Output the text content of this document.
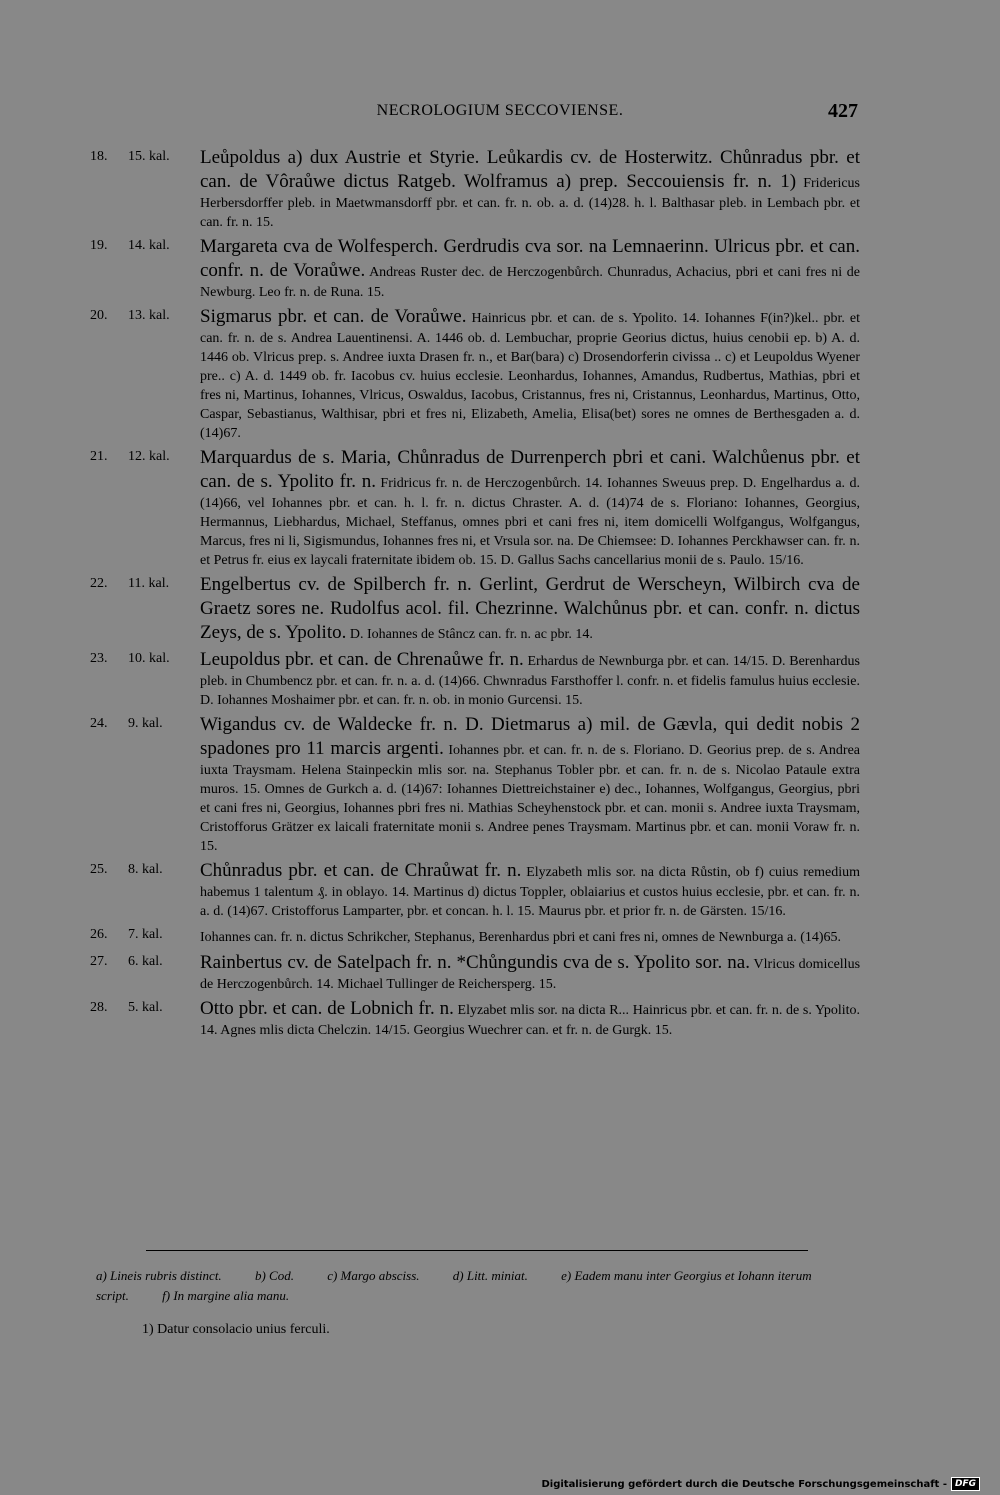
NECROLOGIUM SECCOVIENSE.	427
18.	15. kal.	Leůpoldus a) dux Austrie et Styrie. Leůkardis cv. de Hosterwitz. Chůnradus pbr. et can. de Vôraůwe dictus Ratgeb. Wolframus a) prep. Seccouiensis fr. n. 1) Fridericus Herbersdorffer pleb. in Maetwmansdorff pbr. et can. fr. n. ob. a. d. (14)28. h. l. Balthasar pleb. in Lembach pbr. et can. fr. n. 15.
19.	14. kal.	Margareta cva de Wolfesperch. Gerdrudis cva sor. na Lemnaerinn. Ulricus pbr. et can. confr. n. de Voraůwe. Andreas Ruster dec. de Herczogenbůrch. Chunradus, Achacius, pbri et cani fres ni de Newburg. Leo fr. n. de Runa. 15.
20.	13. kal.	Sigmarus pbr. et can. de Voraůwe. Hainricus pbr. et can. de s. Ypolito. 14. Iohannes F(in?)kel.. pbr. et can. fr. n. de s. Andrea Lauentinensi. A. 1446 ob. d. Lembuchar, proprie Georius dictus, huius cenobii ep. b) A. d. 1446 ob. Vlricus prep. s. Andree iuxta Drasen fr. n., et Bar(bara) c) Drosendorferin civissa .. c) et Leupoldus Wyener pre.. c) A. d. 1449 ob. fr. Iacobus cv. huius ecclesie. Leonhardus, Iohannes, Amandus, Rudbertus, Mathias, pbri et fres ni, Martinus, Iohannes, Vlricus, Oswaldus, Iacobus, Cristannus, fres ni, Cristannus, Leonhardus, Martinus, Otto, Caspar, Sebastianus, Walthisar, pbri et fres ni, Elizabeth, Amelia, Elisa(bet) sores ne omnes de Berthesgaden a. d. (14)67.
21.	12. kal.	Marquardus de s. Maria, Chůnradus de Durrenperch pbri et cani. Walchůenus pbr. et can. de s. Ypolito fr. n. Fridricus fr. n. de Herczogenbůrch. 14. Iohannes Sweuus prep. D. Engelhardus a. d. (14)66, vel Iohannes pbr. et can. h. l. fr. n. dictus Chraster. A. d. (14)74 de s. Floriano: Iohannes, Georgius, Hermannus, Liebhardus, Michael, Steffanus, omnes pbri et cani fres ni, item domicelli Wolfgangus, Wolfgangus, Marcus, fres ni li, Sigismundus, Iohannes fres ni, et Vrsula sor. na. De Chiemsee: D. Iohannes Perckhawser can. fr. n. et Petrus fr. eius ex laycali fraternitate ibidem ob. 15. D. Gallus Sachs cancellarius monii de s. Paulo. 15/16.
22.	11. kal.	Engelbertus cv. de Spilberch fr. n. Gerlint, Gerdrut de Werscheyn, Wilbirch cva de Graetz sores ne. Rudolfus acol. fil. Chezrinne. Walchůnus pbr. et can. confr. n. dictus Zeys, de s. Ypolito. D. Iohannes de Stâncz can. fr. n. ac pbr. 14.
23.	10. kal.	Leupoldus pbr. et can. de Chrenaůwe fr. n. Erhardus de Newnburga pbr. et can. 14/15. D. Berenhardus pleb. in Chumbencz pbr. et can. fr. n. a. d. (14)66. Chwnradus Farsthoffer l. confr. n. et fidelis famulus huius ecclesie. D. Iohannes Moshaimer pbr. et can. fr. n. ob. in monio Gurcensi. 15.
24.	9. kal.	Wigandus cv. de Waldecke fr. n. D. Dietmarus a) mil. de Gævla, qui dedit nobis 2 spadones pro 11 marcis argenti. Iohannes pbr. et can. fr. n. de s. Floriano. D. Georius prep. de s. Andrea iuxta Traysmam. Helena Stainpeckin mlis sor. na. Stephanus Tobler pbr. et can. fr. n. de s. Nicolao Pataule extra muros. 15. Omnes de Gurkch a. d. (14)67: Iohannes Diettreichstainer e) dec., Iohannes, Wolfgangus, Georgius, pbri et cani fres ni, Georgius, Iohannes pbri fres ni. Mathias Scheyhenstock pbr. et can. monii s. Andree iuxta Traysmam, Cristofforus Grätzer ex laicali fraternitate monii s. Andree penes Traysmam. Martinus pbr. et can. monii Voraw fr. n. 15.
25.	8. kal.	Chůnradus pbr. et can. de Chraůwat fr. n. Elyzabeth mlis sor. na dicta Růstin, ob f) cuius remedium habemus 1 talentum ₰. in oblayo. 14. Martinus d) dictus Toppler, oblaiarius et custos huius ecclesie, pbr. et can. fr. n. a. d. (14)67. Cristofforus Lamparter, pbr. et concan. h. l. 15. Maurus pbr. et prior fr. n. de Gärsten. 15/16.
26.	7. kal.	Iohannes can. fr. n. dictus Schrikcher, Stephanus, Berenhardus pbri et cani fres ni, omnes de Newnburga a. (14)65.
27.	6. kal.	Rainbertus cv. de Satelpach fr. n. *Chůngundis cva de s. Ypolito sor. na. Vlricus domicellus de Herczogenbůrch. 14. Michael Tullinger de Reichersperg. 15.
28.	5. kal.	Otto pbr. et can. de Lobnich fr. n. Elyzabet mlis sor. na dicta R... Hainricus pbr. et can. fr. n. de s. Ypolito. 14. Agnes mlis dicta Chelczin. 14/15. Georgius Wuechrer can. et fr. n. de Gurgk. 15.
a) Lineis rubris distinct.	b) Cod.	c) Margo absciss.	d) Litt. miniat.	e) Eadem manu inter Georgius et Iohann iterum script.	f) In margine alia manu.
1) Datur consolacio unius ferculi.
Digitalisierung gefördert durch die Deutsche Forschungsgemeinschaft - DFG
